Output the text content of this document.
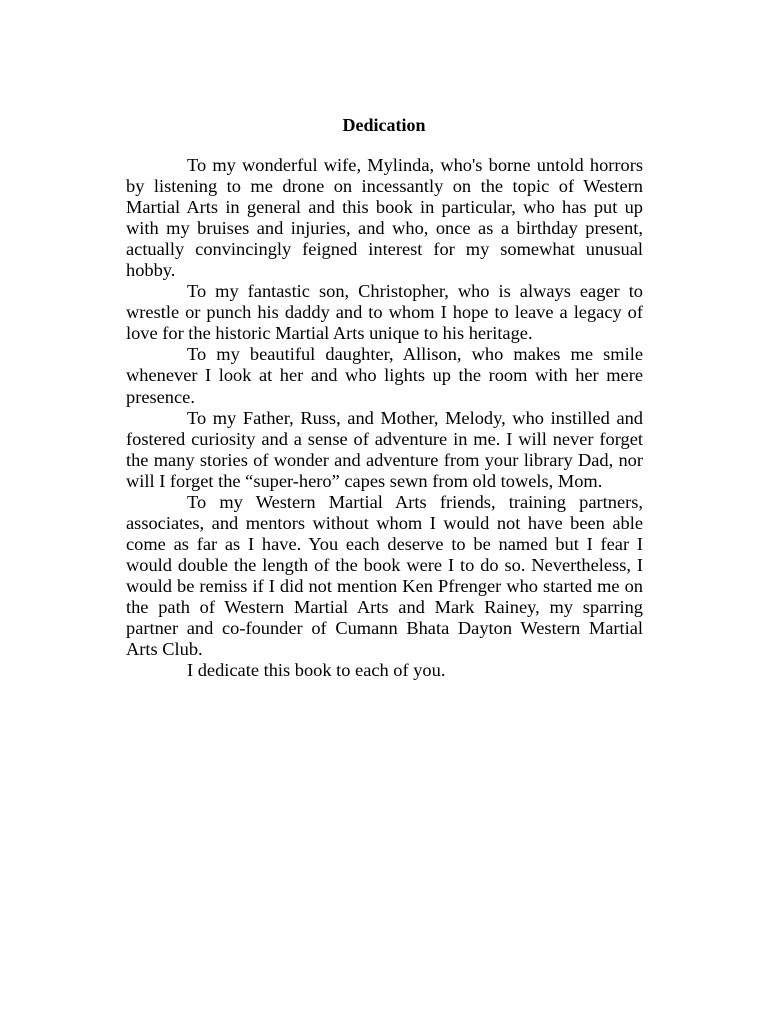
Dedication

To my wonderful wife, Mylinda, who's borne untold horrors by listening to me drone on incessantly on the topic of Western Martial Arts in general and this book in particular, who has put up with my bruises and injuries, and who, once as a birthday present, actually convincingly feigned interest for my somewhat unusual hobby.

To my fantastic son, Christopher, who is always eager to wrestle or punch his daddy and to whom I hope to leave a legacy of love for the historic Martial Arts unique to his heritage.

To my beautiful daughter, Allison, who makes me smile whenever I look at her and who lights up the room with her mere presence.

To my Father, Russ, and Mother, Melody, who instilled and fostered curiosity and a sense of adventure in me. I will never forget the many stories of wonder and adventure from your library Dad, nor will I forget the “super-hero” capes sewn from old towels, Mom.

To my Western Martial Arts friends, training partners, associates, and mentors without whom I would not have been able come as far as I have. You each deserve to be named but I fear I would double the length of the book were I to do so. Nevertheless, I would be remiss if I did not mention Ken Pfrenger who started me on the path of Western Martial Arts and Mark Rainey, my sparring partner and co-founder of Cumann Bhata Dayton Western Martial Arts Club.

I dedicate this book to each of you.
